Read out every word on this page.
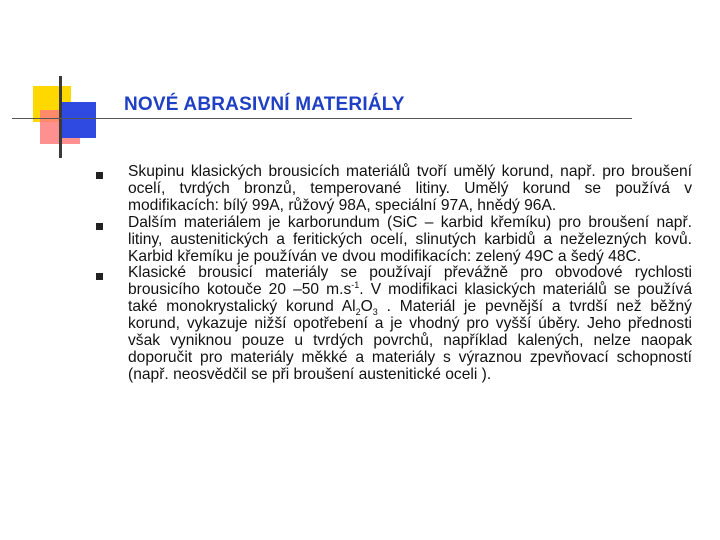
NOVÉ ABRASIVNÍ MATERIÁLY
Skupinu klasických brousicích materiálů tvoří umělý korund, např. pro broušení ocelí, tvrdých bronzů, temperované litiny. Umělý korund se používá v modifikacích: bílý 99A, růžový 98A, speciální 97A, hnědý 96A.
Dalším materiálem je karborundum (SiC – karbid křemíku) pro broušení např. litiny, austenitických a feritických ocelí, slinutých karbidů a neželezných kovů. Karbid křemíku je používán ve dvou modifikacích: zelený 49C a šedý 48C.
Klasické brousicí materiály se používají převážně pro obvodové rychlosti brousicího kotouče 20 –50 $m.s^{-1}$. V modifikaci klasických materiálů se používá také monokrystalický korund $Al_2O_3$ . Materiál je pevnější a tvrdší než běžný korund, vykazuje nižší opotřebení a je vhodný pro vyšší úběry. Jeho přednosti však vyniknou pouze u tvrdých povrchů, například kalených, nelze naopak doporučit pro materiály měkké a materiály s výraznou zpevňovací schopností (např. neosvědčil se při broušení austenitické oceli ).
